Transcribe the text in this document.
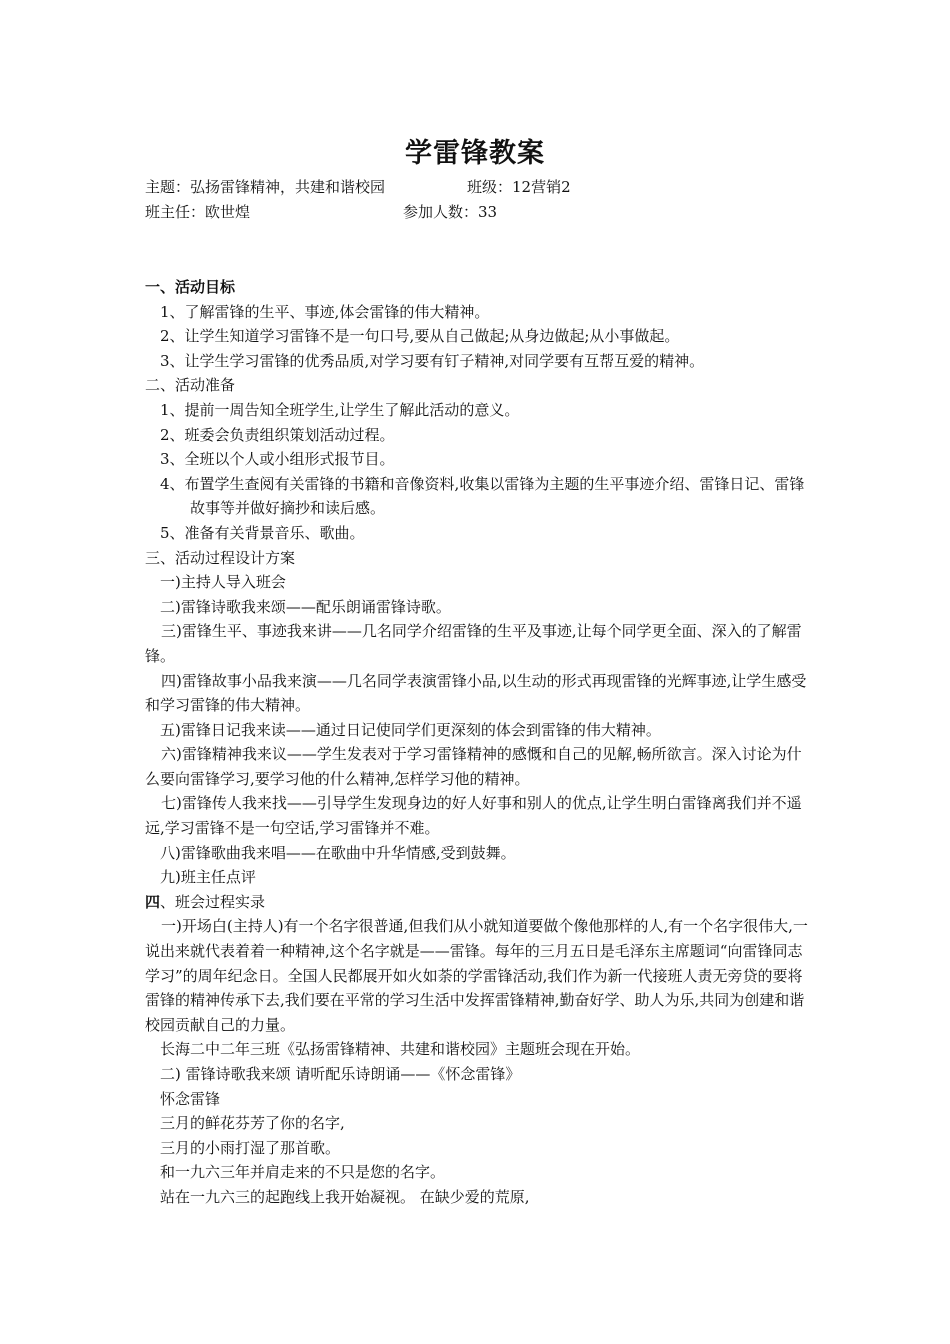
学雷锋教案
主题：弘扬雷锋精神，共建和谐校园	班级：12营销2
班主任：欧世煌	参加人数：33

一、活动目标

1、了解雷锋的生平、事迹,体会雷锋的伟大精神。

2、让学生知道学习雷锋不是一句口号,要从自己做起;从身边做起;从小事做起。

3、让学生学习雷锋的优秀品质,对学习要有钉子精神,对同学要有互帮互爱的精神。

二、活动准备

1、提前一周告知全班学生,让学生了解此活动的意义。

2、班委会负责组织策划活动过程。

3、全班以个人或小组形式报节目。

4、布置学生查阅有关雷锋的书籍和音像资料,收集以雷锋为主题的生平事迹介绍、雷锋日记、雷锋故事等并做好摘抄和读后感。

5、准备有关背景音乐、歌曲。

三、活动过程设计方案

一)主持人导入班会

二)雷锋诗歌我来颂——配乐朗诵雷锋诗歌。

三)雷锋生平、事迹我来讲——几名同学介绍雷锋的生平及事迹,让每个同学更全面、深入的了解雷锋。

四)雷锋故事小品我来演——几名同学表演雷锋小品,以生动的形式再现雷锋的光辉事迹,让学生感受和学习雷锋的伟大精神。

五)雷锋日记我来读——通过日记使同学们更深刻的体会到雷锋的伟大精神。

六)雷锋精神我来议——学生发表对于学习雷锋精神的感慨和自己的见解,畅所欲言。深入讨论为什么要向雷锋学习,要学习他的什么精神,怎样学习他的精神。

七)雷锋传人我来找——引导学生发现身边的好人好事和别人的优点,让学生明白雷锋离我们并不遥远,学习雷锋不是一句空话,学习雷锋并不难。

八)雷锋歌曲我来唱——在歌曲中升华情感,受到鼓舞。

九)班主任点评

四、班会过程实录

一)开场白(主持人)有一个名字很普通,但我们从小就知道要做个像他那样的人,有一个名字很伟大,一说出来就代表着着一种精神,这个名字就是——雷锋。每年的三月五日是毛泽东主席题词“向雷锋同志学习”的周年纪念日。全国人民都展开如火如荼的学雷锋活动,我们作为新一代接班人责无旁贷的要将雷锋的精神传承下去,我们要在平常的学习生活中发挥雷锋精神,勤奋好学、助人为乐,共同为创建和谐校园贡献自己的力量。

长海二中二年三班《弘扬雷锋精神、共建和谐校园》主题班会现在开始。

二) 雷锋诗歌我来颂 请听配乐诗朗诵——《怀念雷锋》

怀念雷锋

三月的鲜花芬芳了你的名字,

三月的小雨打湿了那首歌。

和一九六三年并肩走来的不只是您的名字。

站在一九六三的起跑线上我开始凝视。 在缺少爱的荒原,
